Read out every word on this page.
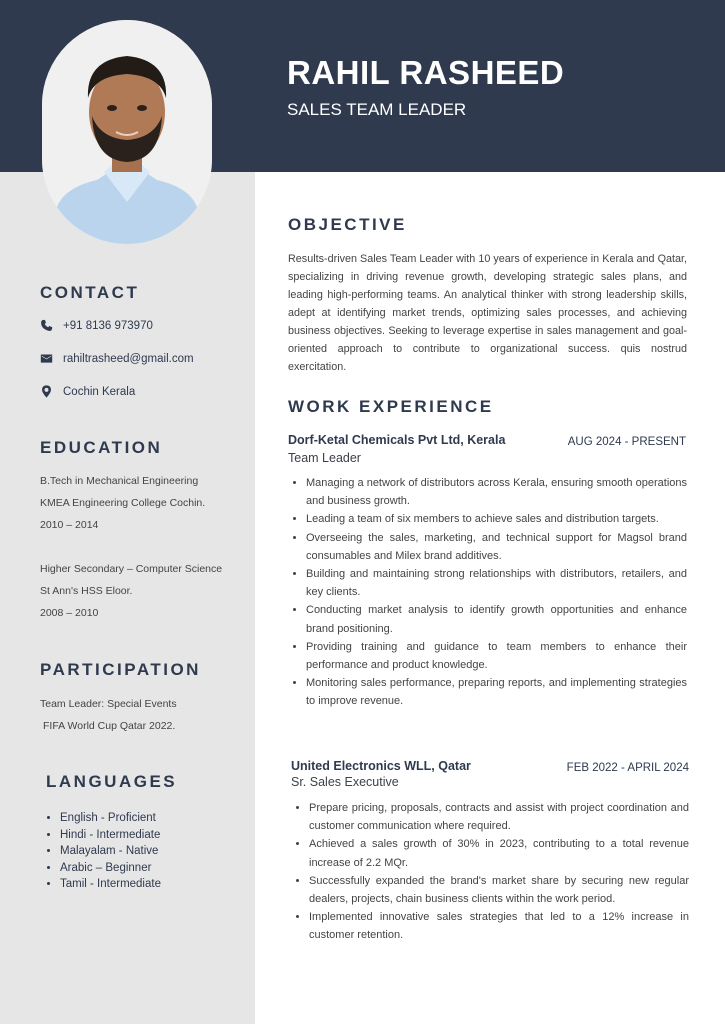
RAHIL RASHEED

SALES TEAM LEADER

CONTACT
+91 8136 973970
rahiltrasheed@gmail.com
Cochin Kerala
EDUCATION

B.Tech in Mechanical Engineering

KMEA Engineering College Cochin.

2010 – 2014

Higher Secondary – Computer Science

St Ann's HSS Eloor.

2008 – 2010

PARTICIPATION

Team Leader: Special Events

FIFA World Cup Qatar 2022.

LANGUAGES
• English - Proficient
• Hindi - Intermediate
• Malayalam - Native
• Arabic – Beginner
• Tamil - Intermediate
OBJECTIVE

Results-driven Sales Team Leader with 10 years of experience in Kerala and Qatar, specializing in driving revenue growth, developing strategic sales plans, and leading high-performing teams. An analytical thinker with strong leadership skills, adept at identifying market trends, optimizing sales processes, and achieving business objectives. Seeking to leverage expertise in sales management and goal-oriented approach to contribute to organizational success. quis nostrud exercitation.

WORK EXPERIENCE

Dorf-Ketal Chemicals Pvt Ltd, Kerala	AUG 2024 - PRESENT

Team Leader

• Managing a network of distributors across Kerala, ensuring smooth operations and business growth.
• Leading a team of six members to achieve sales and distribution targets.
• Overseeing the sales, marketing, and technical support for Magsol brand consumables and Milex brand additives.
• Building and maintaining strong relationships with distributors, retailers, and key clients.
• Conducting market analysis to identify growth opportunities and enhance brand positioning.
• Providing training and guidance to team members to enhance their performance and product knowledge.
• Monitoring sales performance, preparing reports, and implementing strategies to improve revenue.

United Electronics WLL, Qatar	FEB 2022 - APRIL 2024

Sr. Sales Executive

• Prepare pricing, proposals, contracts and assist with project coordination and customer communication where required.
• Achieved a sales growth of 30% in 2023, contributing to a total revenue increase of 2.2 MQr.
• Successfully expanded the brand's market share by securing new regular dealers, projects, chain business clients within the work period.
• Implemented innovative sales strategies that led to a 12% increase in customer retention.
